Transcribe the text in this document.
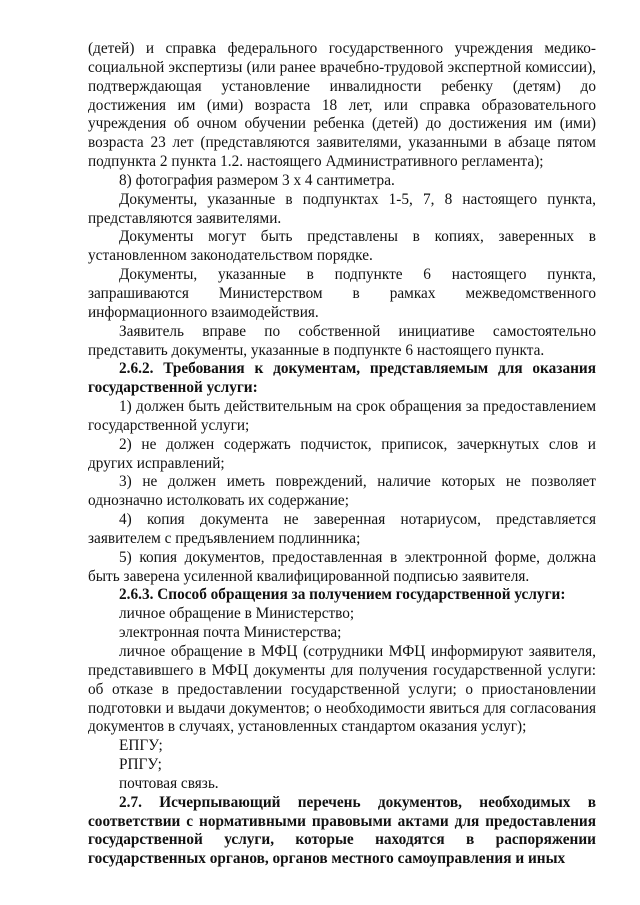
(детей) и справка федерального государственного учреждения медико-социальной экспертизы (или ранее врачебно-трудовой экспертной комиссии), подтверждающая установление инвалидности ребенку (детям) до достижения им (ими) возраста 18 лет, или справка образовательного учреждения об очном обучении ребенка (детей) до достижения им (ими) возраста 23 лет (представляются заявителями, указанными в абзаце пятом подпункта 2 пункта 1.2. настоящего Административного регламента);

8) фотография размером 3 х 4 сантиметра.

Документы, указанные в подпунктах 1-5, 7, 8 настоящего пункта, представляются заявителями.

Документы могут быть представлены в копиях, заверенных в установленном законодательством порядке.

Документы, указанные в подпункте 6 настоящего пункта, запрашиваются Министерством в рамках межведомственного информационного взаимодействия.

Заявитель вправе по собственной инициативе самостоятельно представить документы, указанные в подпункте 6 настоящего пункта.

2.6.2. Требования к документам, представляемым для оказания государственной услуги:

1) должен быть действительным на срок обращения за предоставлением государственной услуги;

2) не должен содержать подчисток, приписок, зачеркнутых слов и других исправлений;

3) не должен иметь повреждений, наличие которых не позволяет однозначно истолковать их содержание;

4) копия документа не заверенная нотариусом, представляется заявителем с предъявлением подлинника;

5) копия документов, предоставленная в электронной форме, должна быть заверена усиленной квалифицированной подписью заявителя.

2.6.3. Способ обращения за получением государственной услуги:

личное обращение в Министерство;

электронная почта Министерства;

личное обращение в МФЦ (сотрудники МФЦ информируют заявителя, представившего в МФЦ документы для получения государственной услуги: об отказе в предоставлении государственной услуги; о приостановлении подготовки и выдачи документов; о необходимости явиться для согласования документов в случаях, установленных стандартом оказания услуг);

ЕПГУ;

РПГУ;

почтовая связь.

2.7. Исчерпывающий перечень документов, необходимых в соответствии с нормативными правовыми актами для предоставления государственной услуги, которые находятся в распоряжении государственных органов, органов местного самоуправления и иных
